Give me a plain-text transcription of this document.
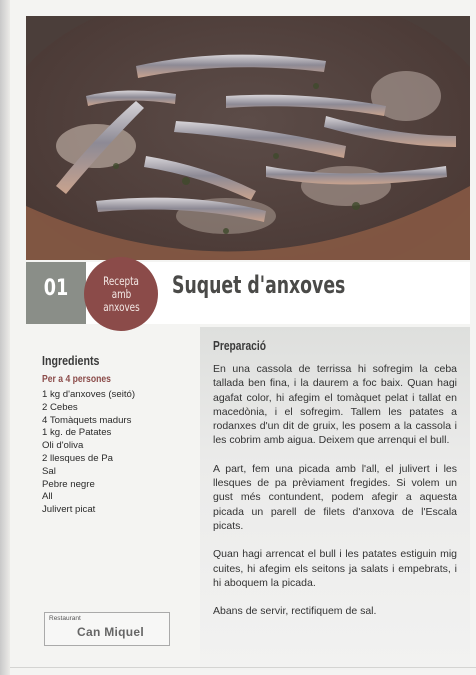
01	Recepta
amb
anxoves
Suquet d'anxoves
Ingredients
Per a 4 persones
1 kg d'anxoves (seitó)
2 Cebes
4 Tomàquets madurs
1 kg. de Patates
Oli d'oliva
2 llesques de Pa
Sal
Pebre negre
All
Julivert picat
Preparació

En una cassola de terrissa hi sofregim la ceba tallada ben fina, i la daurem a foc baix. Quan hagi agafat color, hi afegim el tomàquet pelat i tallat en macedònia, i el sofregim. Tallem les patates a rodanxes d'un dit de gruix, les posem a la cassola i les cobrim amb aigua. Deixem que arrenqui el bull.

A part, fem una picada amb l'all, el julivert i les llesques de pa prèviament fregides. Si volem un gust més contundent, podem afegir a aquesta picada un parell de filets d'anxova de l'Escala picats.

Quan hagi arrencat el bull i les patates estiguin mig cuites, hi afegim els seitons ja salats i empebrats, i hi aboquem la picada.

Abans de servir, rectifiquem de sal.

Restaurant
Can Miquel
